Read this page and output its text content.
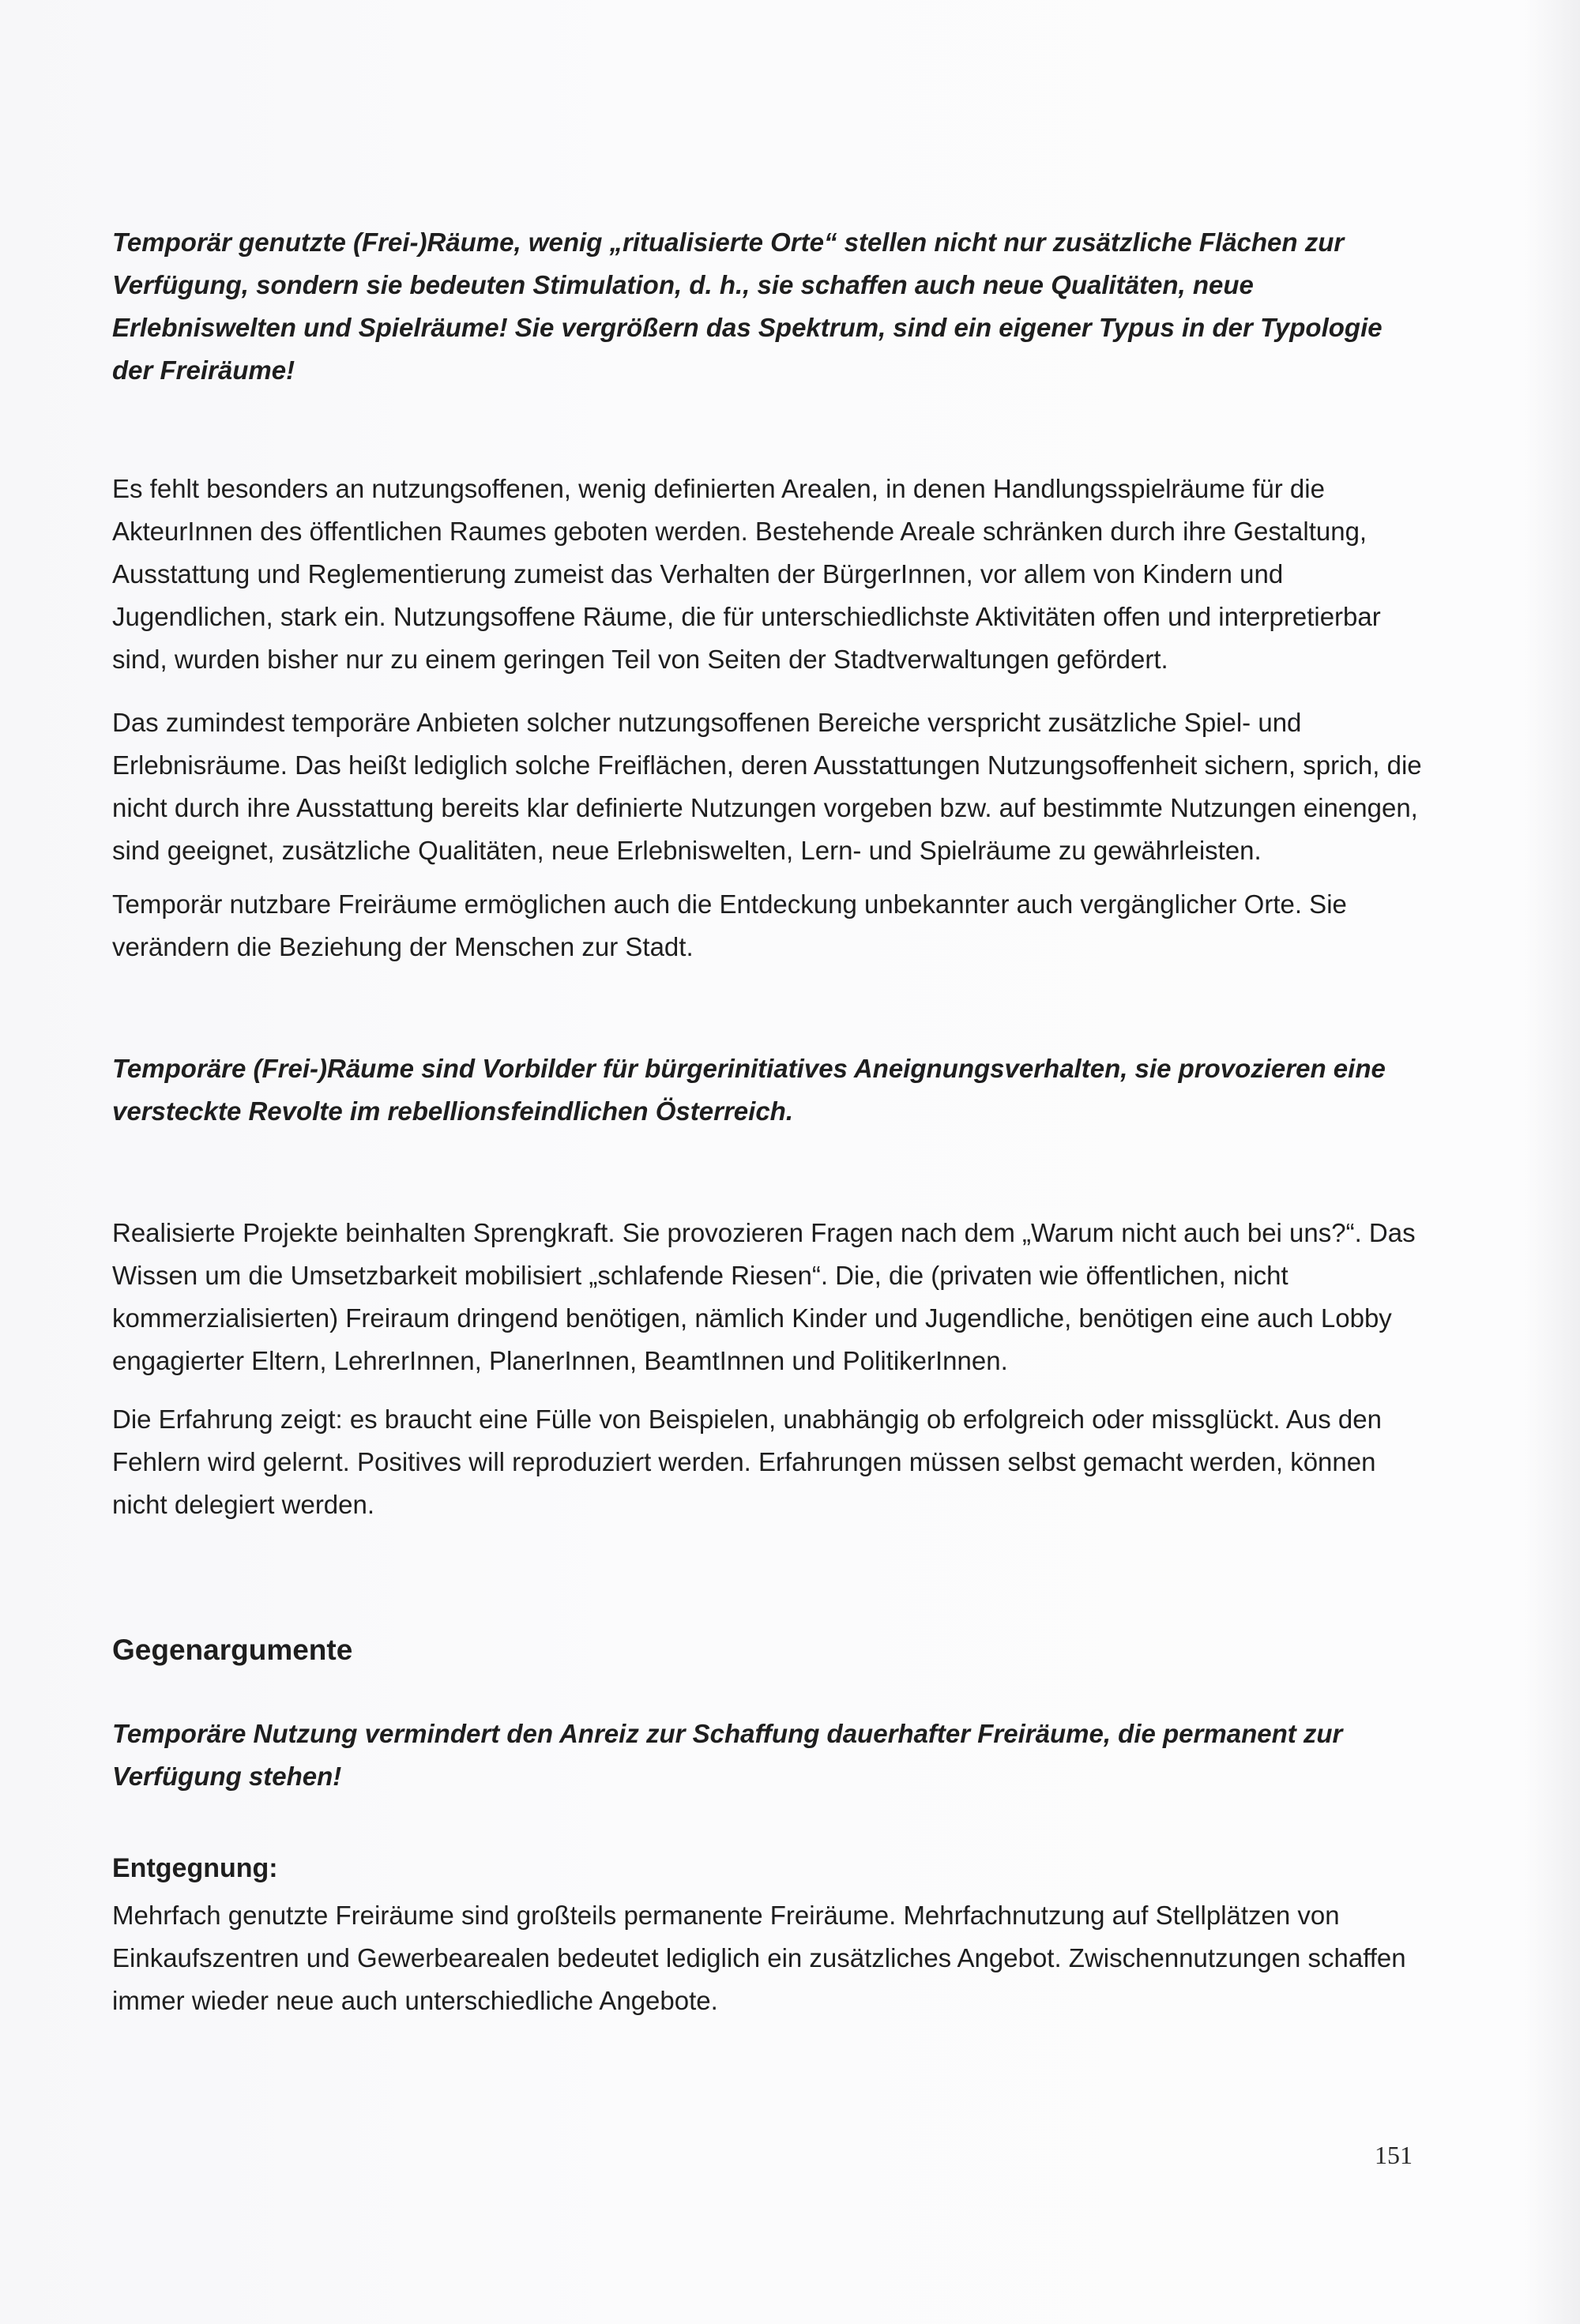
Temporär genutzte (Frei-)Räume, wenig „ritualisierte Orte“ stellen nicht nur zusätzliche Flächen zur Verfügung, sondern sie bedeuten Stimulation, d. h., sie schaffen auch neue Qualitäten, neue Erlebniswelten und Spielräume! Sie vergrößern das Spektrum, sind ein eigener Typus in der Typologie der Freiräume!

Es fehlt besonders an nutzungsoffenen, wenig definierten Arealen, in denen Handlungsspielräume für die AkteurInnen des öffentlichen Raumes geboten werden. Bestehende Areale schränken durch ihre Gestaltung, Ausstattung und Reglementierung zumeist das Verhalten der BürgerInnen, vor allem von Kindern und Jugendlichen, stark ein. Nutzungsoffene Räume, die für unterschiedlichste Aktivitäten offen und interpretierbar sind, wurden bisher nur zu einem geringen Teil von Seiten der Stadtverwaltungen gefördert.

Das zumindest temporäre Anbieten solcher nutzungsoffenen Bereiche verspricht zusätzliche Spiel- und Erlebnisräume. Das heißt lediglich solche Freiflächen, deren Ausstattungen Nutzungsoffenheit sichern, sprich, die nicht durch ihre Ausstattung bereits klar definierte Nutzungen vorgeben bzw. auf bestimmte Nutzungen einengen, sind geeignet, zusätzliche Qualitäten, neue Erlebniswelten, Lern- und Spielräume zu gewährleisten.

Temporär nutzbare Freiräume ermöglichen auch die Entdeckung unbekannter auch vergänglicher Orte. Sie verändern die Beziehung der Menschen zur Stadt.

Temporäre (Frei-)Räume sind Vorbilder für bürgerinitiatives Aneignungsverhalten, sie provozieren eine versteckte Revolte im rebellionsfeindlichen Österreich.

Realisierte Projekte beinhalten Sprengkraft. Sie provozieren Fragen nach dem „Warum nicht auch bei uns?“. Das Wissen um die Umsetzbarkeit mobilisiert „schlafende Riesen“. Die, die (privaten wie öffentlichen, nicht kommerzialisierten) Freiraum dringend benötigen, nämlich Kinder und Jugendliche, benötigen eine auch Lobby engagierter Eltern, LehrerInnen, PlanerInnen, BeamtInnen und PolitikerInnen.

Die Erfahrung zeigt: es braucht eine Fülle von Beispielen, unabhängig ob erfolgreich oder missglückt. Aus den Fehlern wird gelernt. Positives will reproduziert werden. Erfahrungen müssen selbst gemacht werden, können nicht delegiert werden.

Gegenargumente

Temporäre Nutzung vermindert den Anreiz zur Schaffung dauerhafter Freiräume, die permanent zur Verfügung stehen!

Entgegnung:

Mehrfach genutzte Freiräume sind großteils permanente Freiräume. Mehrfachnutzung auf Stellplätzen von Einkaufszentren und Gewerbearealen bedeutet lediglich ein zusätzliches Angebot. Zwischennutzungen schaffen immer wieder neue auch unterschiedliche Angebote.

151
